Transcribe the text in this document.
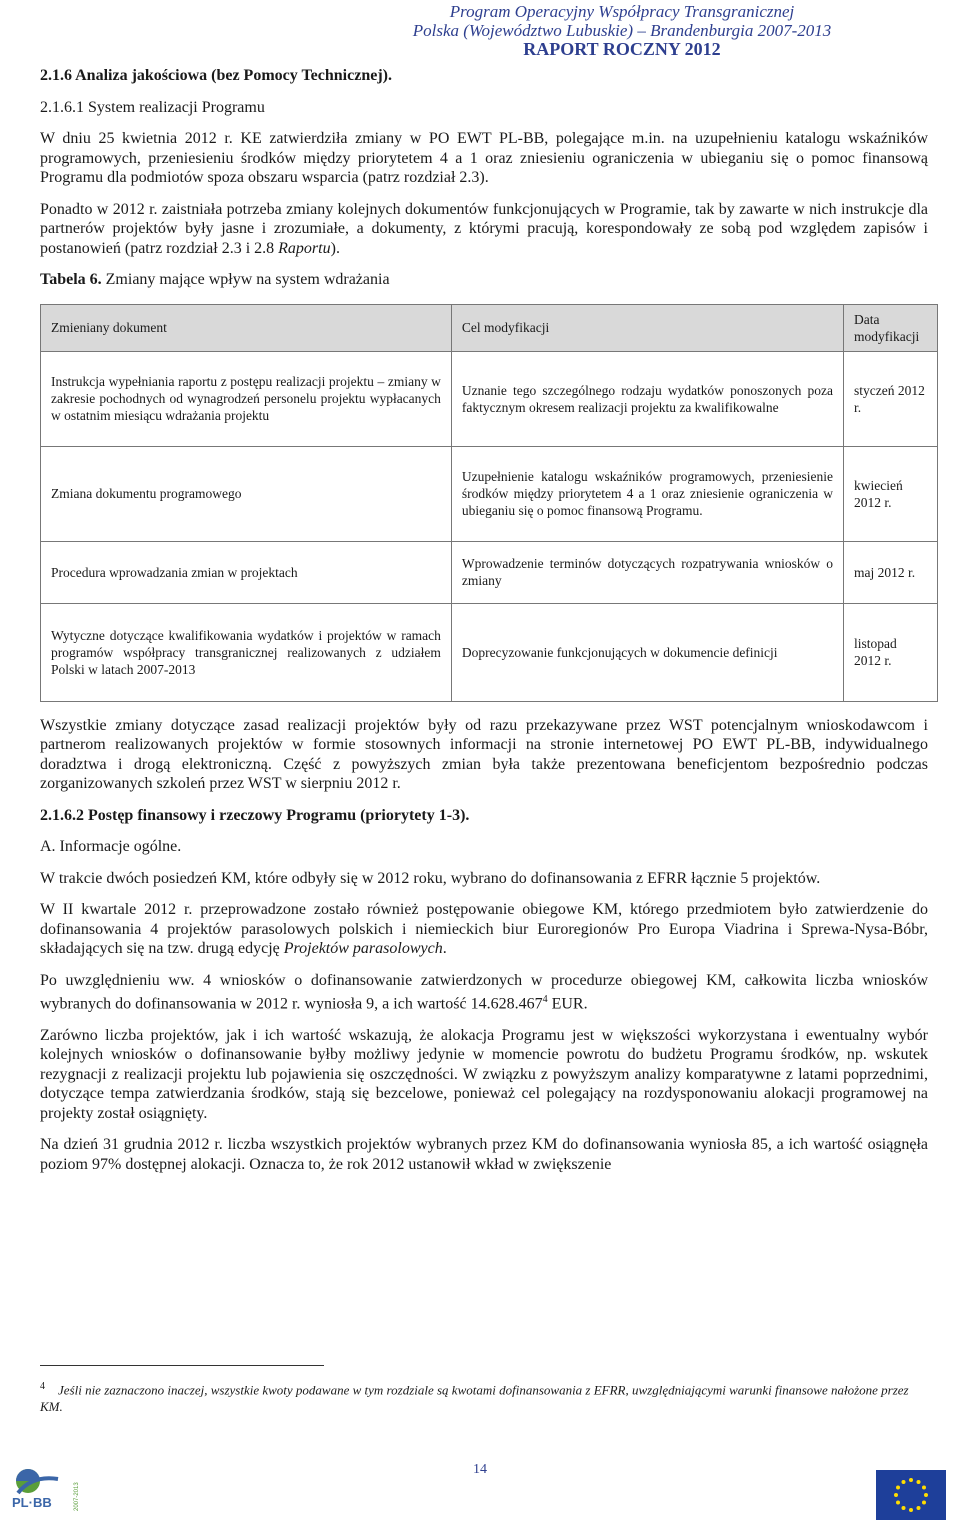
Program Operacyjny Współpracy Transgranicznej
Polska (Województwo Lubuskie) – Brandenburgia 2007-2013
RAPORT ROCZNY 2012

2.1.6 Analiza jakościowa (bez Pomocy Technicznej).

2.1.6.1 System realizacji Programu

W dniu 25 kwietnia 2012 r. KE zatwierdziła zmiany w PO EWT PL-BB, polegające m.in. na uzupełnieniu katalogu wskaźników programowych, przeniesieniu środków między priorytetem 4 a 1 oraz zniesieniu ograniczenia w ubieganiu się o pomoc finansową Programu dla podmiotów spoza obszaru wsparcia (patrz rozdział 2.3).

Ponadto w 2012 r. zaistniała potrzeba zmiany kolejnych dokumentów funkcjonujących w Programie, tak by zawarte w nich instrukcje dla partnerów projektów były jasne i zrozumiałe, a dokumenty, z którymi pracują, korespondowały ze sobą pod względem zapisów i postanowień (patrz rozdział 2.3 i 2.8 Raportu).

Tabela 6. Zmiany mające wpływ na system wdrażania

Zmieniany dokument	Cel modyfikacji	Data modyfikacji
Instrukcja wypełniania raportu z postępu realizacji projektu – zmiany w zakresie pochodnych od wynagrodzeń personelu projektu wypłacanych w ostatnim miesiącu wdrażania projektu	Uznanie tego szczególnego rodzaju wydatków ponoszonych poza faktycznym okresem realizacji projektu za kwalifikowalne	styczeń 2012 r.
Zmiana dokumentu programowego	Uzupełnienie katalogu wskaźników programowych, przeniesienie środków między priorytetem 4 a 1 oraz zniesienie ograniczenia w ubieganiu się o pomoc finansową Programu.	kwiecień 2012 r.
Procedura wprowadzania zmian w projektach	Wprowadzenie terminów dotyczących rozpatrywania wniosków o zmiany	maj 2012 r.
Wytyczne dotyczące kwalifikowania wydatków i projektów w ramach programów współpracy transgranicznej realizowanych z udziałem Polski w latach 2007-2013	Doprecyzowanie funkcjonujących w dokumencie definicji	listopad 2012 r.

Wszystkie zmiany dotyczące zasad realizacji projektów były od razu przekazywane przez WST potencjalnym wnioskodawcom i partnerom realizowanych projektów w formie stosownych informacji na stronie internetowej PO EWT PL-BB, indywidualnego doradztwa i drogą elektroniczną. Część z powyższych zmian była także prezentowana beneficjentom bezpośrednio podczas zorganizowanych szkoleń przez WST w sierpniu 2012 r.

2.1.6.2 Postęp finansowy i rzeczowy Programu (priorytety 1-3).

A. Informacje ogólne.

W trakcie dwóch posiedzeń KM, które odbyły się w 2012 roku, wybrano do dofinansowania z EFRR łącznie 5 projektów.

W II kwartale 2012 r. przeprowadzone zostało również postępowanie obiegowe KM, którego przedmiotem było zatwierdzenie do dofinansowania 4 projektów parasolowych polskich i niemieckich biur Euroregionów Pro Europa Viadrina i Sprewa-Nysa-Bóbr, składających się na tzw. drugą edycję Projektów parasolowych.

Po uwzględnieniu ww. 4 wniosków o dofinansowanie zatwierdzonych w procedurze obiegowej KM, całkowita liczba wniosków wybranych do dofinansowania w 2012 r. wyniosła 9, a ich wartość 14.628.467$^4$ EUR.

Zarówno liczba projektów, jak i ich wartość wskazują, że alokacja Programu jest w większości wykorzystana i ewentualny wybór kolejnych wniosków o dofinansowanie byłby możliwy jedynie w momencie powrotu do budżetu Programu środków, np. wskutek rezygnacji z realizacji projektu lub pojawienia się oszczędności. W związku z powyższym analizy komparatywne z latami poprzednimi, dotyczące tempa zatwierdzania środków, stają się bezcelowe, ponieważ cel polegający na rozdysponowaniu alokacji programowej na projekty został osiągnięty.

Na dzień 31 grudnia 2012 r. liczba wszystkich projektów wybranych przez KM do dofinansowania wyniosła 85, a ich wartość osiągnęła poziom 97% dostępnej alokacji. Oznacza to, że rok 2012 ustanowił wkład w zwiększenie

$^4$ Jeśli nie zaznaczono inaczej, wszystkie kwoty podawane w tym rozdziale są kwotami dofinansowania z EFRR, uwzględniającymi warunki finansowe nałożone przez KM.
14
PL·BB	2007-2013
